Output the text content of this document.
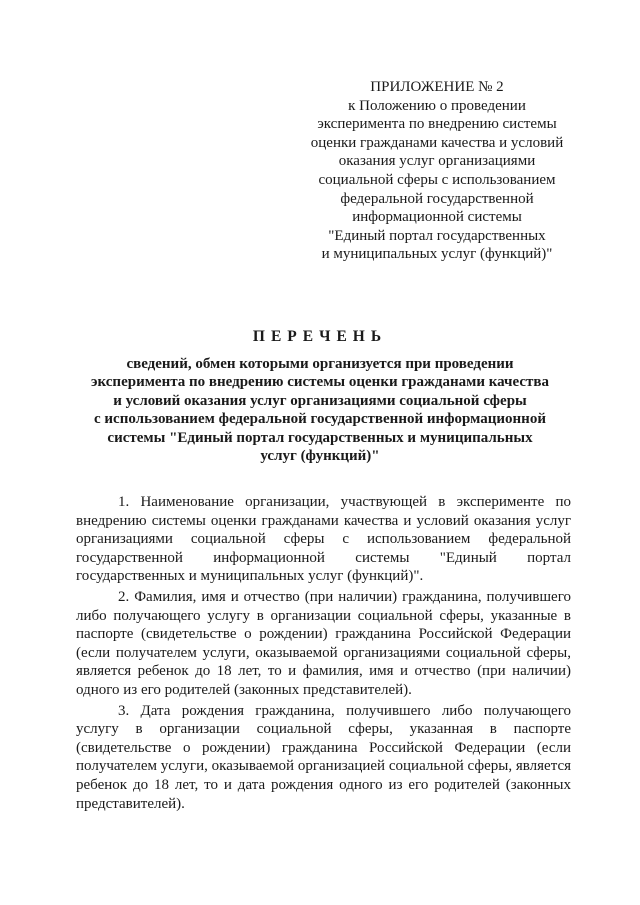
ПРИЛОЖЕНИЕ № 2
к Положению о проведении
эксперимента по внедрению системы
оценки гражданами качества и условий
оказания услуг организациями
социальной сферы с использованием
федеральной государственной
информационной системы
"Единый портал государственных
и муниципальных услуг (функций)"
ПЕРЕЧЕНЬ
сведений, обмен которыми организуется при проведении
эксперимента по внедрению системы оценки гражданами качества
и условий оказания услуг организациями социальной сферы
с использованием федеральной государственной информационной
системы "Единый портал государственных и муниципальных
услуг (функций)"

1. Наименование организации, участвующей в эксперименте по внедрению системы оценки гражданами качества и условий оказания услуг организациями социальной сферы с использованием федеральной государственной информационной системы "Единый портал государственных и муниципальных услуг (функций)".

2. Фамилия, имя и отчество (при наличии) гражданина, получившего либо получающего услугу в организации социальной сферы, указанные в паспорте (свидетельстве о рождении) гражданина Российской Федерации (если получателем услуги, оказываемой организациями социальной сферы, является ребенок до 18 лет, то и фамилия, имя и отчество (при наличии) одного из его родителей (законных представителей).

3. Дата рождения гражданина, получившего либо получающего услугу в организации социальной сферы, указанная в паспорте (свидетельстве о рождении) гражданина Российской Федерации (если получателем услуги, оказываемой организацией социальной сферы, является ребенок до 18 лет, то и дата рождения одного из его родителей (законных представителей).
